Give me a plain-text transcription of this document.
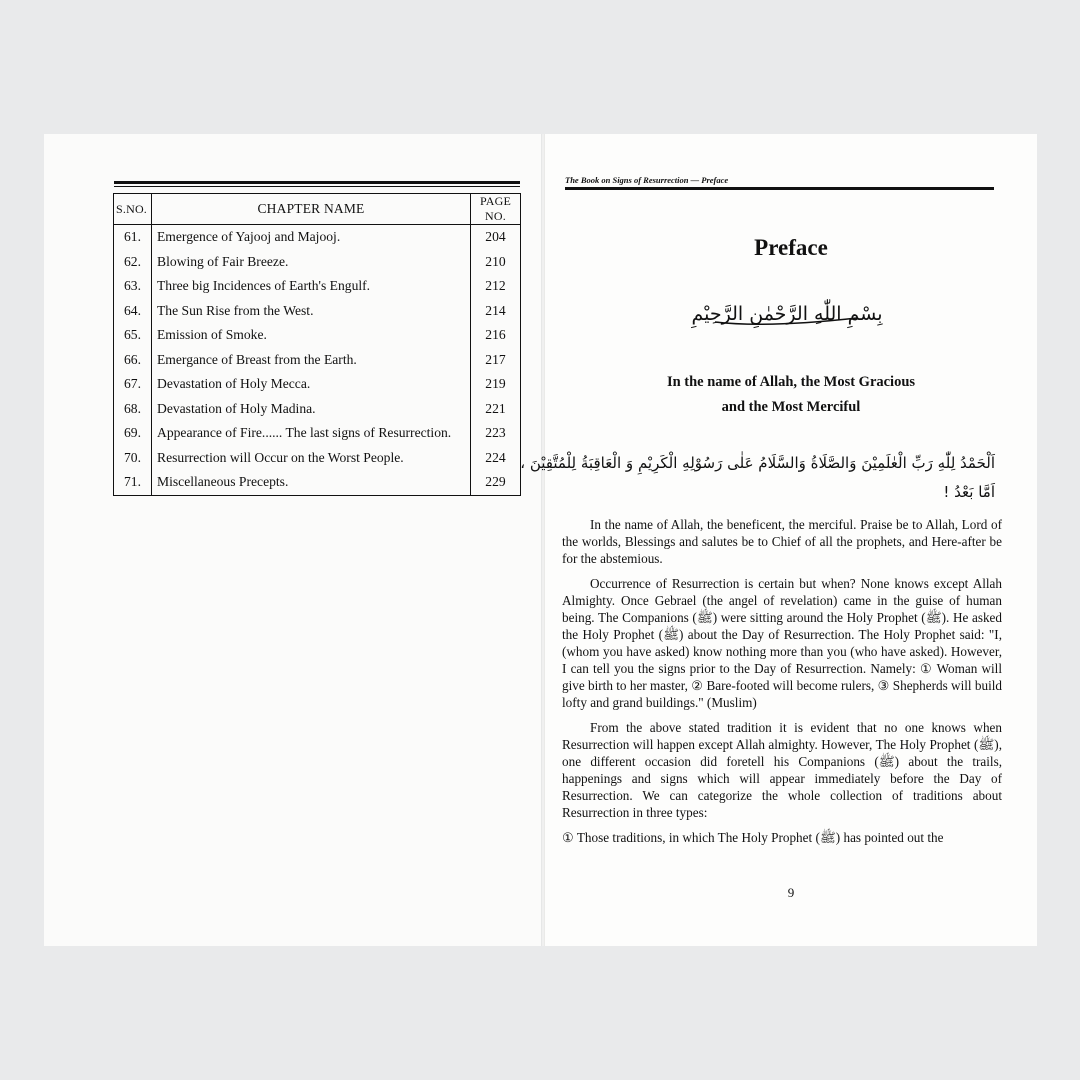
S.NO.	CHAPTER NAME	PAGE NO.
61.	Emergence of Yajooj and Majooj.	204
62.	Blowing of Fair Breeze.	210
63.	Three big Incidences of Earth's Engulf.	212
64.	The Sun Rise from the West.	214
65.	Emission of Smoke.	216
66.	Emergance of Breast from the Earth.	217
67.	Devastation of Holy Mecca.	219
68.	Devastation of Holy Madina.	221
69.	Appearance of Fire...... The last signs of Resurrection.	223
70.	Resurrection will Occur on the Worst People.	224
71.	Miscellaneous Precepts.	229
The Book on Signs of Resurrection — Preface
Preface
بِسْمِ اللّٰهِ الرَّحْمٰنِ الرَّحِيْمِ
In the name of Allah, the Most Gracious
and the Most Merciful
اَلْحَمْدُ لِلّٰهِ رَبِّ الْعٰلَمِيْنَ وَالصَّلَاةُ وَالسَّلَامُ عَلٰى رَسُوْلِهِ الْكَرِيْمِ وَ الْعَاقِبَةُ لِلْمُتَّقِيْنَ ،
اَمَّا بَعْدُ !

In the name of Allah, the beneficent, the merciful. Praise be to Allah, Lord of the worlds, Blessings and salutes be to Chief of all the prophets, and Here-after be for the abstemious.

Occurrence of Resurrection is certain but when? None knows except Allah Almighty. Once Gebrael (the angel of revelation) came in the guise of human being. The Companions (ﷺ) were sitting around the Holy Prophet (ﷺ). He asked the Holy Prophet (ﷺ) about the Day of Resurrection. The Holy Prophet said: "I, (whom you have asked) know nothing more than you (who have asked). However, I can tell you the signs prior to the Day of Resurrection. Namely: ① Woman will give birth to her master, ② Bare-footed will become rulers, ③ Shepherds will build lofty and grand buildings." (Muslim)

From the above stated tradition it is evident that no one knows when Resurrection will happen except Allah almighty. However, The Holy Prophet (ﷺ), one different occasion did foretell his Companions (ﷺ) about the trails, happenings and signs which will appear immediately before the Day of Resurrection. We can categorize the whole collection of traditions about Resurrection in three types:

① Those traditions, in which The Holy Prophet (ﷺ) has pointed out the

9
